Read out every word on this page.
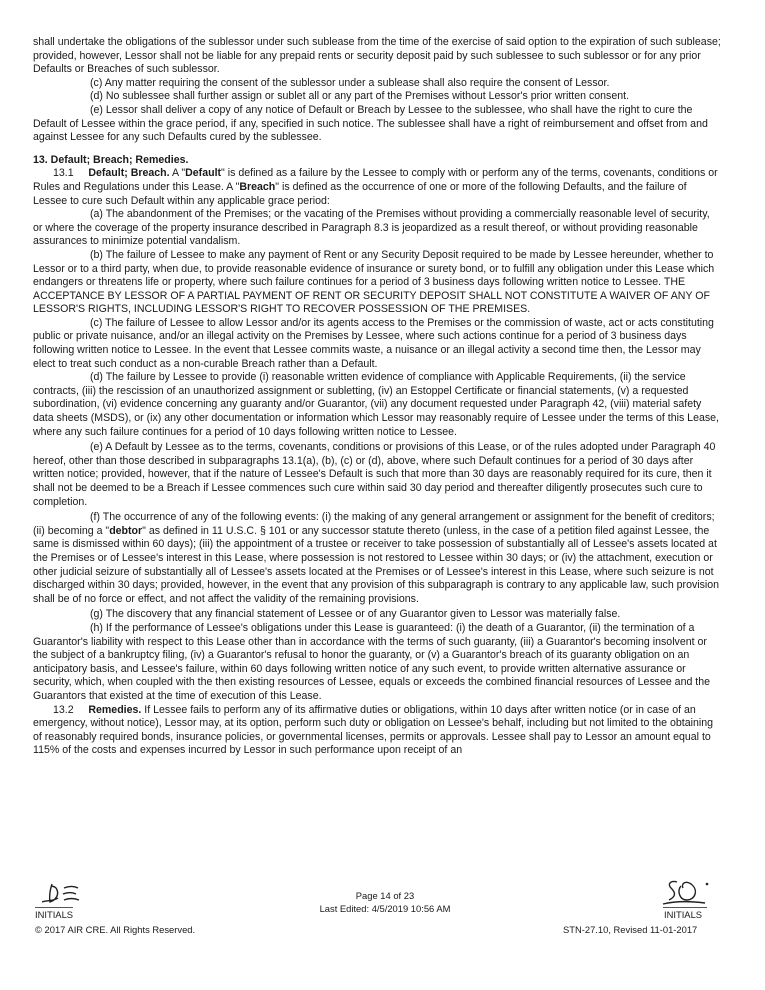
shall undertake the obligations of the sublessor under such sublease from the time of the exercise of said option to the expiration of such sublease; provided, however, Lessor shall not be liable for any prepaid rents or security deposit paid by such sublessee to such sublessor or for any prior Defaults or Breaches of such sublessor.

(c) Any matter requiring the consent of the sublessor under a sublease shall also require the consent of Lessor.

(d) No sublessee shall further assign or sublet all or any part of the Premises without Lessor's prior written consent.

(e) Lessor shall deliver a copy of any notice of Default or Breach by Lessee to the sublessee, who shall have the right to cure the Default of Lessee within the grace period, if any, specified in such notice. The sublessee shall have a right of reimbursement and offset from and against Lessee for any such Defaults cured by the sublessee.

13. Default; Breach; Remedies.

13.1 Default; Breach. A "Default" is defined as a failure by the Lessee to comply with or perform any of the terms, covenants, conditions or Rules and Regulations under this Lease. A "Breach" is defined as the occurrence of one or more of the following Defaults, and the failure of Lessee to cure such Default within any applicable grace period:

(a) The abandonment of the Premises; or the vacating of the Premises without providing a commercially reasonable level of security, or where the coverage of the property insurance described in Paragraph 8.3 is jeopardized as a result thereof, or without providing reasonable assurances to minimize potential vandalism.

(b) The failure of Lessee to make any payment of Rent or any Security Deposit required to be made by Lessee hereunder, whether to Lessor or to a third party, when due, to provide reasonable evidence of insurance or surety bond, or to fulfill any obligation under this Lease which endangers or threatens life or property, where such failure continues for a period of 3 business days following written notice to Lessee. THE ACCEPTANCE BY LESSOR OF A PARTIAL PAYMENT OF RENT OR SECURITY DEPOSIT SHALL NOT CONSTITUTE A WAIVER OF ANY OF LESSOR'S RIGHTS, INCLUDING LESSOR'S RIGHT TO RECOVER POSSESSION OF THE PREMISES.

(c) The failure of Lessee to allow Lessor and/or its agents access to the Premises or the commission of waste, act or acts constituting public or private nuisance, and/or an illegal activity on the Premises by Lessee, where such actions continue for a period of 3 business days following written notice to Lessee. In the event that Lessee commits waste, a nuisance or an illegal activity a second time then, the Lessor may elect to treat such conduct as a non-curable Breach rather than a Default.

(d) The failure by Lessee to provide (i) reasonable written evidence of compliance with Applicable Requirements, (ii) the service contracts, (iii) the rescission of an unauthorized assignment or subletting, (iv) an Estoppel Certificate or financial statements, (v) a requested subordination, (vi) evidence concerning any guaranty and/or Guarantor, (vii) any document requested under Paragraph 42, (viii) material safety data sheets (MSDS), or (ix) any other documentation or information which Lessor may reasonably require of Lessee under the terms of this Lease, where any such failure continues for a period of 10 days following written notice to Lessee.

(e) A Default by Lessee as to the terms, covenants, conditions or provisions of this Lease, or of the rules adopted under Paragraph 40 hereof, other than those described in subparagraphs 13.1(a), (b), (c) or (d), above, where such Default continues for a period of 30 days after written notice; provided, however, that if the nature of Lessee's Default is such that more than 30 days are reasonably required for its cure, then it shall not be deemed to be a Breach if Lessee commences such cure within said 30 day period and thereafter diligently prosecutes such cure to completion.

(f) The occurrence of any of the following events: (i) the making of any general arrangement or assignment for the benefit of creditors; (ii) becoming a "debtor" as defined in 11 U.S.C. § 101 or any successor statute thereto (unless, in the case of a petition filed against Lessee, the same is dismissed within 60 days); (iii) the appointment of a trustee or receiver to take possession of substantially all of Lessee's assets located at the Premises or of Lessee's interest in this Lease, where possession is not restored to Lessee within 30 days; or (iv) the attachment, execution or other judicial seizure of substantially all of Lessee's assets located at the Premises or of Lessee's interest in this Lease, where such seizure is not discharged within 30 days; provided, however, in the event that any provision of this subparagraph is contrary to any applicable law, such provision shall be of no force or effect, and not affect the validity of the remaining provisions.

(g) The discovery that any financial statement of Lessee or of any Guarantor given to Lessor was materially false.

(h) If the performance of Lessee's obligations under this Lease is guaranteed: (i) the death of a Guarantor, (ii) the termination of a Guarantor's liability with respect to this Lease other than in accordance with the terms of such guaranty, (iii) a Guarantor's becoming insolvent or the subject of a bankruptcy filing, (iv) a Guarantor's refusal to honor the guaranty, or (v) a Guarantor's breach of its guaranty obligation on an anticipatory basis, and Lessee's failure, within 60 days following written notice of any such event, to provide written alternative assurance or security, which, when coupled with the then existing resources of Lessee, equals or exceeds the combined financial resources of Lessee and the Guarantors that existed at the time of execution of this Lease.

13.2 Remedies. If Lessee fails to perform any of its affirmative duties or obligations, within 10 days after written notice (or in case of an emergency, without notice), Lessor may, at its option, perform such duty or obligation on Lessee's behalf, including but not limited to the obtaining of reasonably required bonds, insurance policies, or governmental licenses, permits or approvals. Lessee shall pay to Lessor an amount equal to 115% of the costs and expenses incurred by Lessor in such performance upon receipt of an

INITIALS
© 2017 AIR CRE. All Rights Reserved.
Page 14 of 23
Last Edited: 4/5/2019 10:56 AM
INITIALS
STN-27.10, Revised 11-01-2017
